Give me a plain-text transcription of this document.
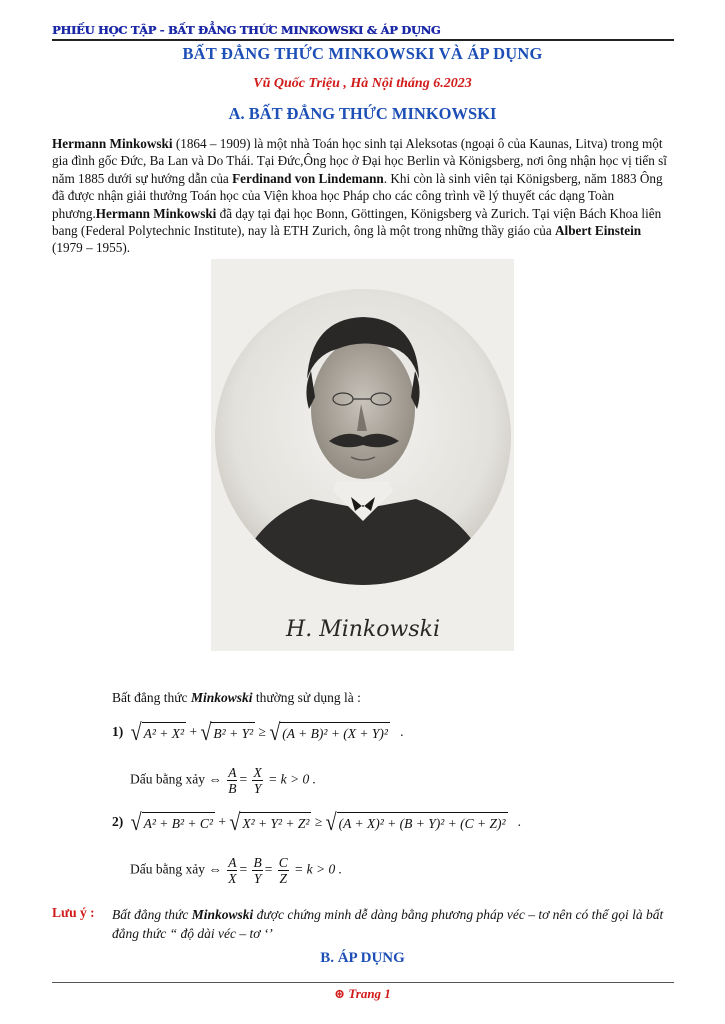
PHIẾU HỌC TẬP - BẤT ĐẲNG THỨC MINKOWSKI & ÁP DỤNG
BẤT ĐẲNG THỨC MINKOWSKI VÀ ÁP DỤNG
Vũ Quốc Triệu , Hà Nội tháng 6.2023
A. BẤT ĐẲNG THỨC MINKOWSKI
Hermann Minkowski (1864 – 1909) là một nhà Toán học sinh tại Aleksotas (ngoại ô của Kaunas, Litva) trong một gia đình gốc Đức, Ba Lan và Do Thái. Tại Đức,Ông học ở Đại học Berlin và Königsberg, nơi ông nhận học vị tiến sĩ năm 1885 dưới sự hướng dẫn của Ferdinand von Lindemann. Khi còn là sinh viên tại Königsberg, năm 1883 Ông đã được nhận giải thưởng Toán học của Viện khoa học Pháp cho các công trình về lý thuyết các dạng Toàn phương.Hermann Minkowski đã dạy tại đại học Bonn, Göttingen, Königsberg và Zurich. Tại viện Bách Khoa liên bang (Federal Polytechnic Institute), nay là ETH Zurich, ông là một trong những thầy giáo của Albert Einstein (1979 – 1955).
H. Minkowski
Bất đẳng thức Minkowski thường sử dụng là :
1) √ A² + X² + √ B² + Y² ≥ √ (A + B)² + (X + Y)² .
Dấu bằng xảy ⇔ $\frac{A}{B} = \frac{X}{Y} = k > 0$ .
2) √ A² + B² + C² + √ X² + Y² + Z² ≥ √ (A + X)² + (B + Y)² + (C + Z)² .
Dấu bằng xảy ⇔ $\frac{A}{X} = \frac{B}{Y} = \frac{C}{Z} = k > 0$ .
Lưu ý : Bất đẳng thức Minkowski được chứng minh dễ dàng bằng phương pháp véc – tơ nên có thể gọi là bất đẳng thức “ độ dài véc – tơ ‘’
B. ÁP DỤNG
⊛ Trang 1
